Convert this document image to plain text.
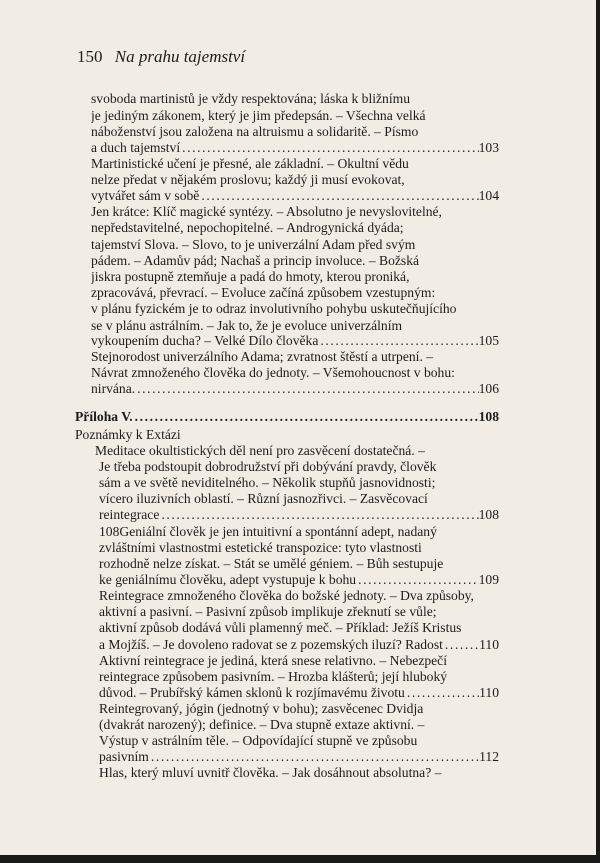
150 Na prahu tajemství
svoboda martinistů je vždy respektována; láska k bližnímu
je jediným zákonem, který je jim předepsán. – Všechna velká
náboženství jsou založena na altruismu a solidaritě. – Písmo
a duch tajemství .....	103
Martinistické učení je přesné, ale základní. – Okultní vědu
nelze předat v nějakém proslovu; každý ji musí evokovat,
vytvářet sám v sobě .....	104
Jen krátce: Klíč magické syntézy. – Absolutno je nevyslovitelné,
nepředstavitelné, nepochopitelné. – Androgynická dyáda;
tajemství Slova. – Slovo, to je univerzální Adam před svým
pádem. – Adamův pád; Nachaš a princip involuce. – Božská
jiskra postupně ztemňuje a padá do hmoty, kterou proniká,
zpracovává, převrací. – Evoluce začíná způsobem vzestupným:
v plánu fyzickém je to odraz involutivního pohybu uskutečňujícího
se v plánu astrálním. – Jak to, že je evoluce univerzálním
vykoupením ducha? – Velké Dílo člověka .....	105
Stejnorodost univerzálního Adama; zvratnost štěstí a utrpení. –
Návrat zmnoženého člověka do jednoty. – Všemohoucnost v bohu:
nirvána. .....	106
Příloha V. .....	108
Poznámky k Extázi
Meditace okultistických děl není pro zasvěcení dostatečná. –
Je třeba podstoupit dobrodružství při dobývání pravdy, člověk
sám a ve světě neviditelného. – Několik stupňů jasnovidnosti;
vícero iluzivních oblastí. – Různí jasnozřivci. – Zasvěcovací
reintegrace .....	108
108Geniální člověk je jen intuitivní a spontánní adept, nadaný
zvláštními vlastnostmi estetické transpozice: tyto vlastnosti
rozhodně nelze získat. – Stát se umělé géniem. – Bůh sestupuje
ke geniálnímu člověku, adept vystupuje k bohu .....	109
Reintegrace zmnoženého člověka do božské jednoty. – Dva způsoby,
aktivní a pasivní. – Pasivní způsob implikuje zřeknutí se vůle;
aktivní způsob dodává vůli plamenný meč. – Příklad: Ježíš Kristus
a Mojžíš. – Je dovoleno radovat se z pozemských iluzí? Radost .....	110
Aktivní reintegrace je jediná, která snese relativno. – Nebezpečí
reintegrace způsobem pasivním. – Hrozba klášterů; její hluboký
důvod. – Prubířský kámen sklonů k rozjímavému životu .....	110
Reintegrovaný, jógin (jednotný v bohu); zasvěcenec Dvidja
(dvakrát narozený); definice. – Dva stupně extaze aktivní. –
Výstup v astrálním těle. – Odpovídající stupně ve způsobu
pasivním .....	112
Hlas, který mluví uvnitř člověka. – Jak dosáhnout absolutna? –
